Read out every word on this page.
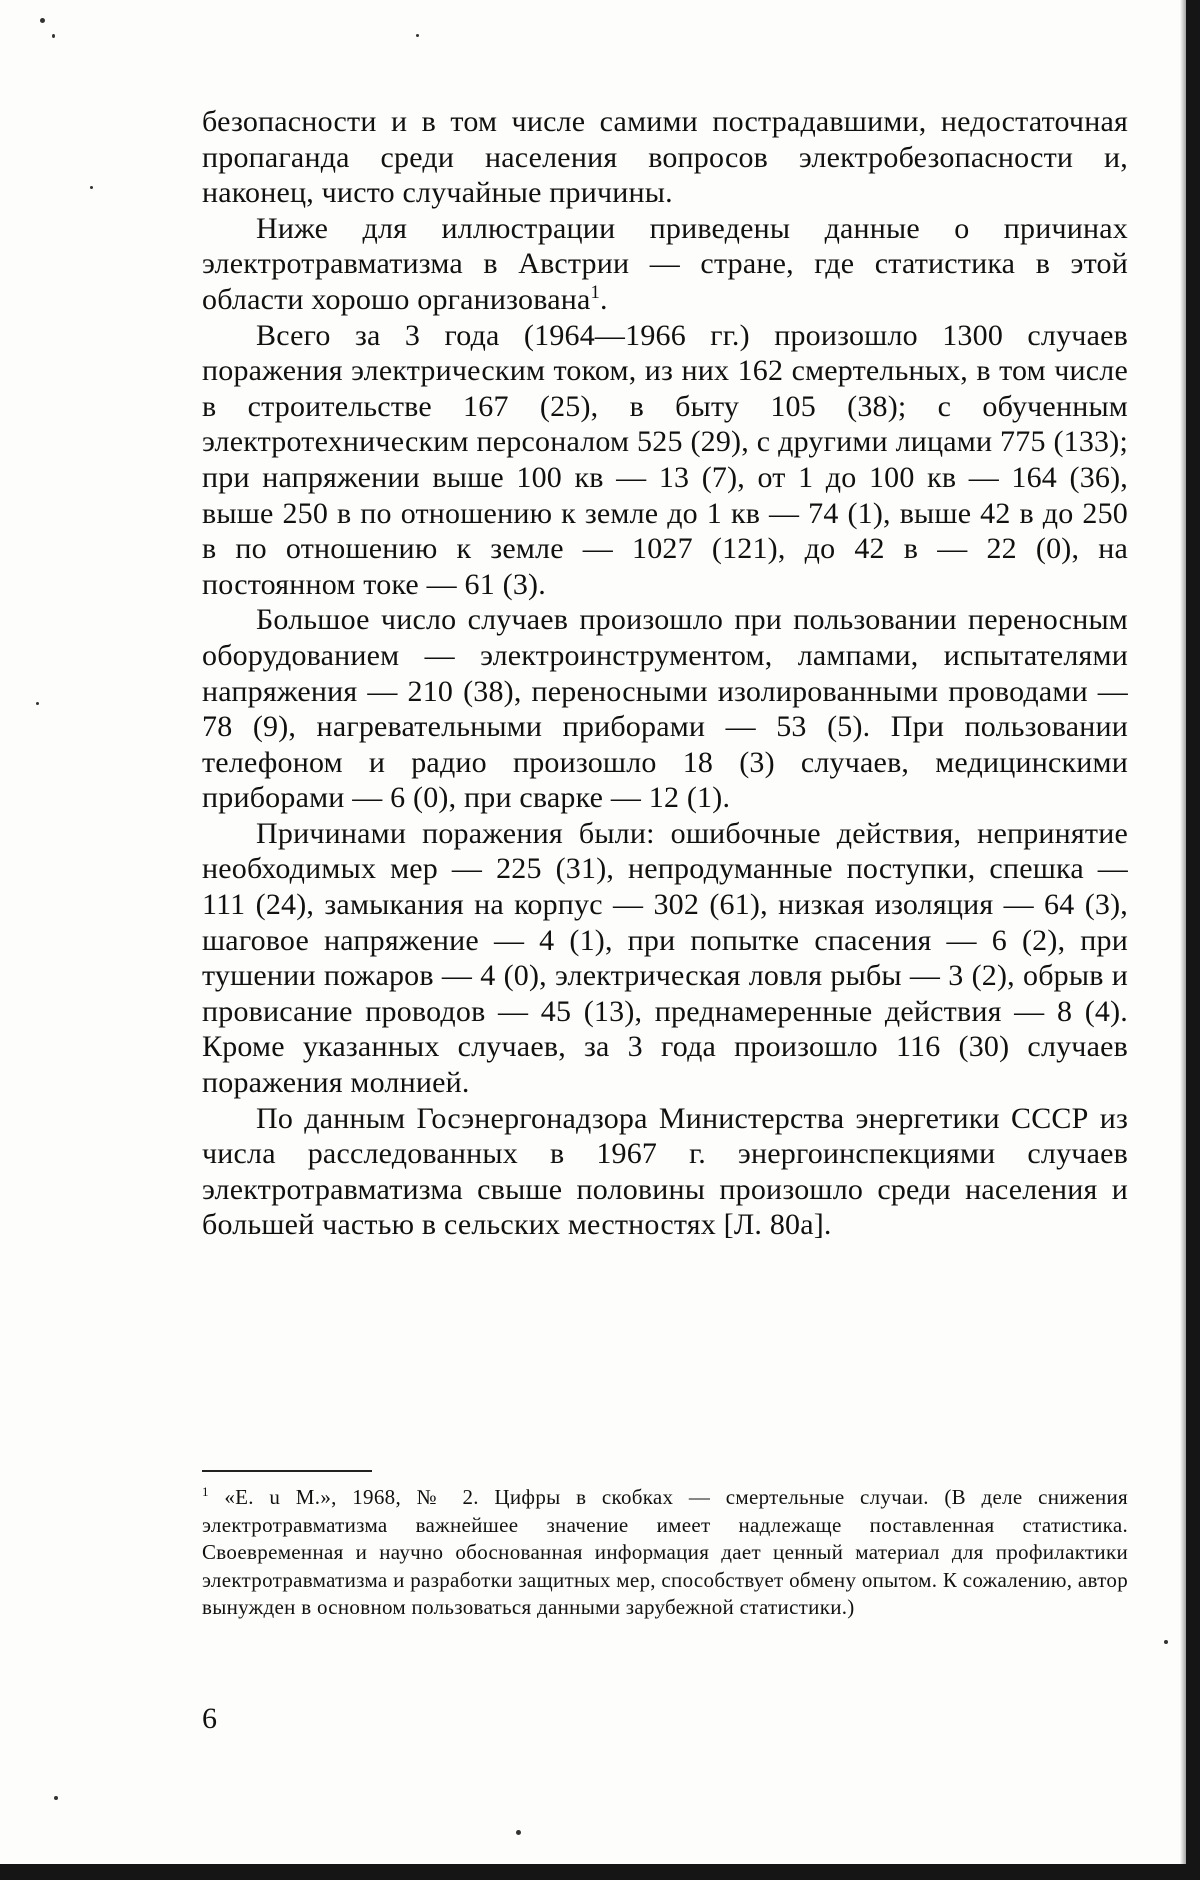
безопасности и в том числе самими пострадавшими, недостаточная пропаганда среди населения вопросов электробезопасности и, наконец, чисто случайные причины.

Ниже для иллюстрации приведены данные о причинах электротравматизма в Австрии — стране, где статистика в этой области хорошо организована$^1$.

Всего за 3 года (1964—1966 гг.) произошло 1300 случаев поражения электрическим током, из них 162 смертельных, в том числе в строительстве 167 (25), в быту 105 (38); с обученным электротехническим персоналом 525 (29), с другими лицами 775 (133); при напряжении выше 100 кв — 13 (7), от 1 до 100 кв — 164 (36), выше 250 в по отношению к земле до 1 кв — 74 (1), выше 42 в до 250 в по отношению к земле — 1027 (121), до 42 в — 22 (0), на постоянном токе — 61 (3).

Большое число случаев произошло при пользовании переносным оборудованием — электроинструментом, лампами, испытателями напряжения — 210 (38), переносными изолированными проводами — 78 (9), нагревательными приборами — 53 (5). При пользовании телефоном и радио произошло 18 (3) случаев, медицинскими приборами — 6 (0), при сварке — 12 (1).

Причинами поражения были: ошибочные действия, непринятие необходимых мер — 225 (31), непродуманные поступки, спешка — 111 (24), замыкания на корпус — 302 (61), низкая изоляция — 64 (3), шаговое напряжение — 4 (1), при попытке спасения — 6 (2), при тушении пожаров — 4 (0), электрическая ловля рыбы — 3 (2), обрыв и провисание проводов — 45 (13), преднамеренные действия — 8 (4). Кроме указанных случаев, за 3 года произошло 116 (30) случаев поражения молнией.

По данным Госэнергонадзора Министерства энергетики СССР из числа расследованных в 1967 г. энергоинспекциями случаев электротравматизма свыше половины произошло среди населения и большей частью в сельских местностях [Л. 80а].

$^1$ «Е. u M.», 1968, № 2. Цифры в скобках — смертельные случаи. (В деле снижения электротравматизма важнейшее значение имеет надлежаще поставленная статистика. Своевременная и научно обоснованная информация дает ценный материал для профилактики электротравматизма и разработки защитных мер, способствует обмену опытом. К сожалению, автор вынужден в основном пользоваться данными зарубежной статистики.)
6
